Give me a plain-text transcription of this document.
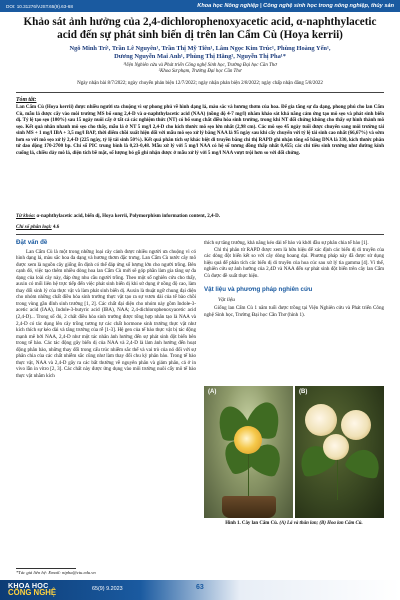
DOI: 10.31276/VJST.65(9).63-68	Khoa học Nông nghiệp | Công nghệ sinh học trong nông nghiệp, thủy sản
Khảo sát ảnh hưởng của 2,4-dichlorophenoxyacetic acid, α-naphthylacetic acid đến sự phát sinh biến dị trên lan Cẩm Cù (Hoya kerrii)
Ngô Minh Trí¹, Trần Lê Nguyên¹, Trần Thị Mỹ Tiên¹, Lâm Ngọc Kim Trúc¹, Phùng Hoàng Yến¹,
Dương Nguyễn Mai Anh¹, Phùng Thị Hằng², Nguyễn Thị Pha¹*
¹Viện Nghiên cứu và Phát triển Công nghệ Sinh học, Trường Đại học Cần Thơ
²Khoa Sư phạm, Trường Đại học Cần Thơ
Ngày nhận bài 8/7/2022; ngày chuyển phản biện 12/7/2022; ngày nhận phản biện 2/8/2022; ngày chấp nhận đăng 5/8/2022
Tóm tắt:

Lan Cẩm Cù (Hoya kerrii) được nhiều người ưa chuộng vì sự phong phú về hình dạng lá, màu sắc và hương thơm của hoa. Để gia tăng sự đa dạng, phong phú cho lan Cẩm Cù, mẫu lá được cấy vào môi trường MS bổ sung 2,4-D và α-naphthylacetic acid (NAA) (nồng độ 4-7 mg/l) nhằm khảo sát khả năng cảm ứng tạo mô sẹo và phát sinh biến dị. Tỷ lệ tạo sẹo (100%) sau 15 ngày nuôi cấy ở tất cả các nghiệm thức (NT) có bổ sung chất điều hòa sinh trưởng, trong khi NT đối chứng không cho thấy sự hình thành mô sẹo. Kết quả nhân nhanh mô sẹo cho thấy, mẫu lá ở NT 5 mg/l 2,4-D cho kích thước mô sẹo lớn nhất (2,98 cm). Các mô sẹo 45 ngày tuổi được chuyển sang môi trường tái sinh MS + 1 mg/l IBA + 3,5 mg/l BAP, thời điểm chồi xuất hiện đối với mẫu mô sẹo xử lý bằng NAA là 95 ngày sau khi cấy chuyển với tỷ lệ tái sinh cao nhất (66,67%) và sớm hơn so với mô sẹo xử lý 2,4-D (225 ngày, tỷ lệ tái sinh 50%). Kết quả phân tích sự khác biệt di truyền bằng chỉ thị RAPD ghi nhận tổng số băng DNA là 330, kích thước phân tử dao động 170-2700 bp. Chỉ số PIC trung bình là 0,23-0,48. Mẫu xử lý với 5 mg/l NAA có hệ số tương đồng thấp nhất 0,455; các chỉ tiêu sinh trưởng như đường kính cuống lá, chiều dày mô lá, diện tích bề mặt, số lượng bó gỗ ghi nhận được ở mẫu xử lý với 5 mg/l NAA vượt trội hơn so với đối chứng.

Từ khóa: α-naphthylacetic acid, biến dị, Hoya kerrii, Polymorphism information content, 2,4-D.
Chỉ số phân loại: 4.6
Đặt vấn đề

Lan Cẩm Cù là một trong những loại cây cảnh được nhiều người ưa chuộng vì có hình dạng lá, màu sắc hoa đa dạng và hương thơm đặc trưng. Lan Cẩm Cù nước cây mô được xem là nguồn cây giống ổn định có thể đáp ứng số lượng lớn cho người trồng. Bên cạnh đó, việc tạo thêm nhiều dòng hoa lan Cẩm Cù mới sẽ góp phần làm gia tăng sự đa dạng của loài cây này, đáp ứng nhu cầu người trồng. Theo một số nghiên cứu cho thấy, auxin có mối liên hệ trực tiếp đến việc phát sinh biến dị khi sử dụng ở nồng độ cao, làm thay đổi sinh lý của thực vật và làm phát sinh biến dị. Auxin là thuật ngữ chung đại diện cho nhóm những chất điều hòa sinh trưởng thực vật tạo ra sự vươn dài của tế bào chồi trong vùng gần đỉnh sinh trưởng [1, 2]. Các chất đại diện cho nhóm này gồm Indole-3-acetic acid (IAA), Indole-3-butyric acid (IBA), NAA; 2,4-dichlorophenoxyacetic acid (2,4-D)... Trong số đó, 2 chất điều hòa sinh trưởng được tổng hợp nhân tạo là NAA và 2,4-D có tác dụng lên cây trồng tương tự các chất hormone sinh trưởng thực vật như kích thích sự kéo dài và tăng trưởng của rễ [1-3]. Hệ gen của tế bào thực vật bị tác động mạnh mẽ bởi NAA, 2,4-D như một tác nhân ảnh hưởng đến sự phát sinh đột biến bên trong tế bào. Các tác động gây biến dị của NAA và 2,4-D là làm ảnh hưởng đến hoạt động phân bào, những thay đổi trong cấu trúc nhiễm sắc thể và vai trò của nó đối với sự phân chia của các chất nhiễm sắc cũng như làm thay đổi chu kỳ phân bào. Trong tế bào thực vật, NAA và 2,4-D gây ra các bất thường về nguyên phân và giảm phân, cả ở in vivo lẫn in vitro [2, 3]. Các chất này được ứng dụng vào môi trường nuôi cấy mô tế bào thực vật nhằm kích

thích sự tăng trưởng, khả năng kéo dài tế bào và khởi đầu sự phân chia tế bào [1].

Chỉ thị phân tử RAPD được xem là hữu hiệu để xác định các biến dị di truyền của các dòng đột biến kết so với cây dòng hoang dại. Phương pháp này đã được sử dụng hiệu quả để phân tích các biến dị di truyền của hoa cúc sau xử lý tia gamma [4]. Vì thế, nghiên cứu sự ảnh hưởng của 2,4D và NAA đến sự phát sinh đột biến trên cây lan Cẩm Cù được đề xuất thực hiện.

Vật liệu và phương pháp nghiên cứu
Vật liệu

Giống lan Cẩm Cù 1 năm tuổi được trồng tại Viện Nghiên cứu và Phát triển Công nghệ Sinh học, Trường Đại học Cần Thơ (hình 1).

(A)	(B)
Hình 1. Cây lan Cẩm Cù. (A) Lá và thân lan; (B) Hoa lan Cẩm Cù.
*Tác giả liên hệ: Email: ntpha@ctu.edu.vn
KHOA HỌC
CÔNG NGHỆ	65(9) 9.2023	63
